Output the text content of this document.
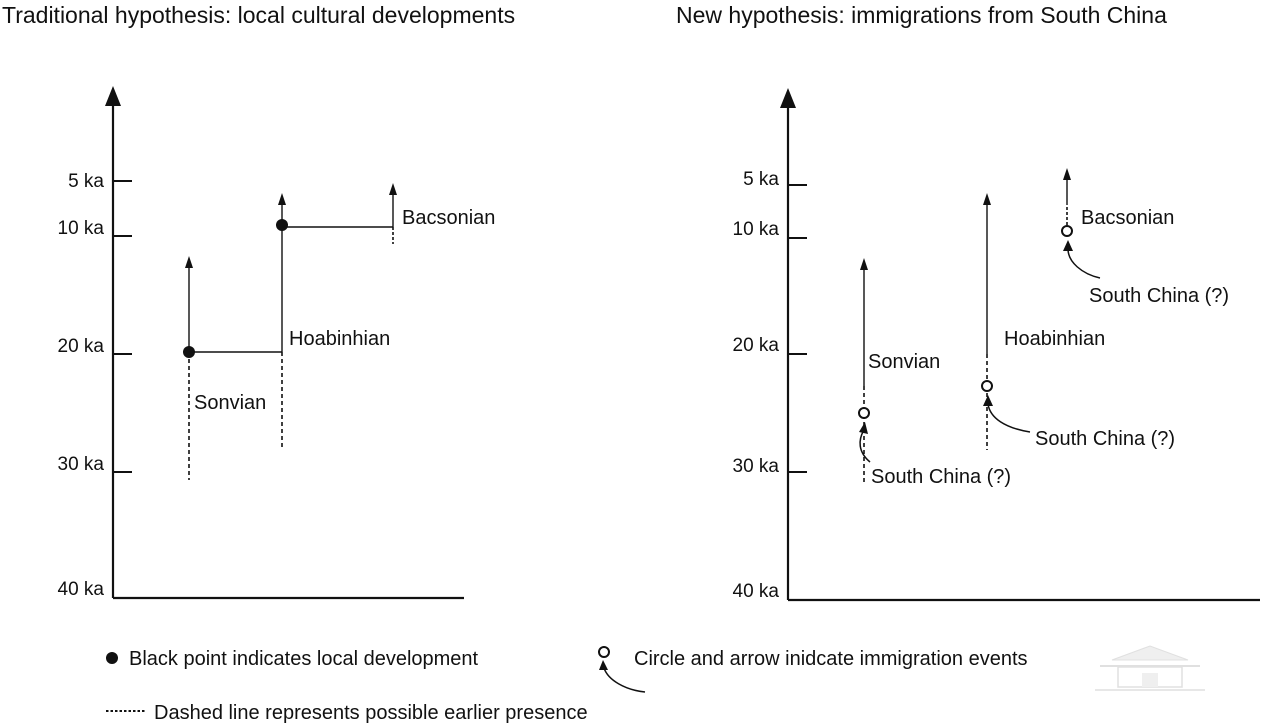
Traditional hypothesis: local cultural developments	New hypothesis: immigrations from South China
5 ka
10 ka
20 ka
30 ka
40 ka
Sonvian
Hoabinhian
Bacsonian
5 ka
10 ka
20 ka
30 ka
40 ka
Sonvian
Hoabinhian
Bacsonian
South China (?)
South China (?)
South China (?)
Black point indicates local development	Circle and arrow inidcate immigration events
Dashed line represents possible earlier presence
